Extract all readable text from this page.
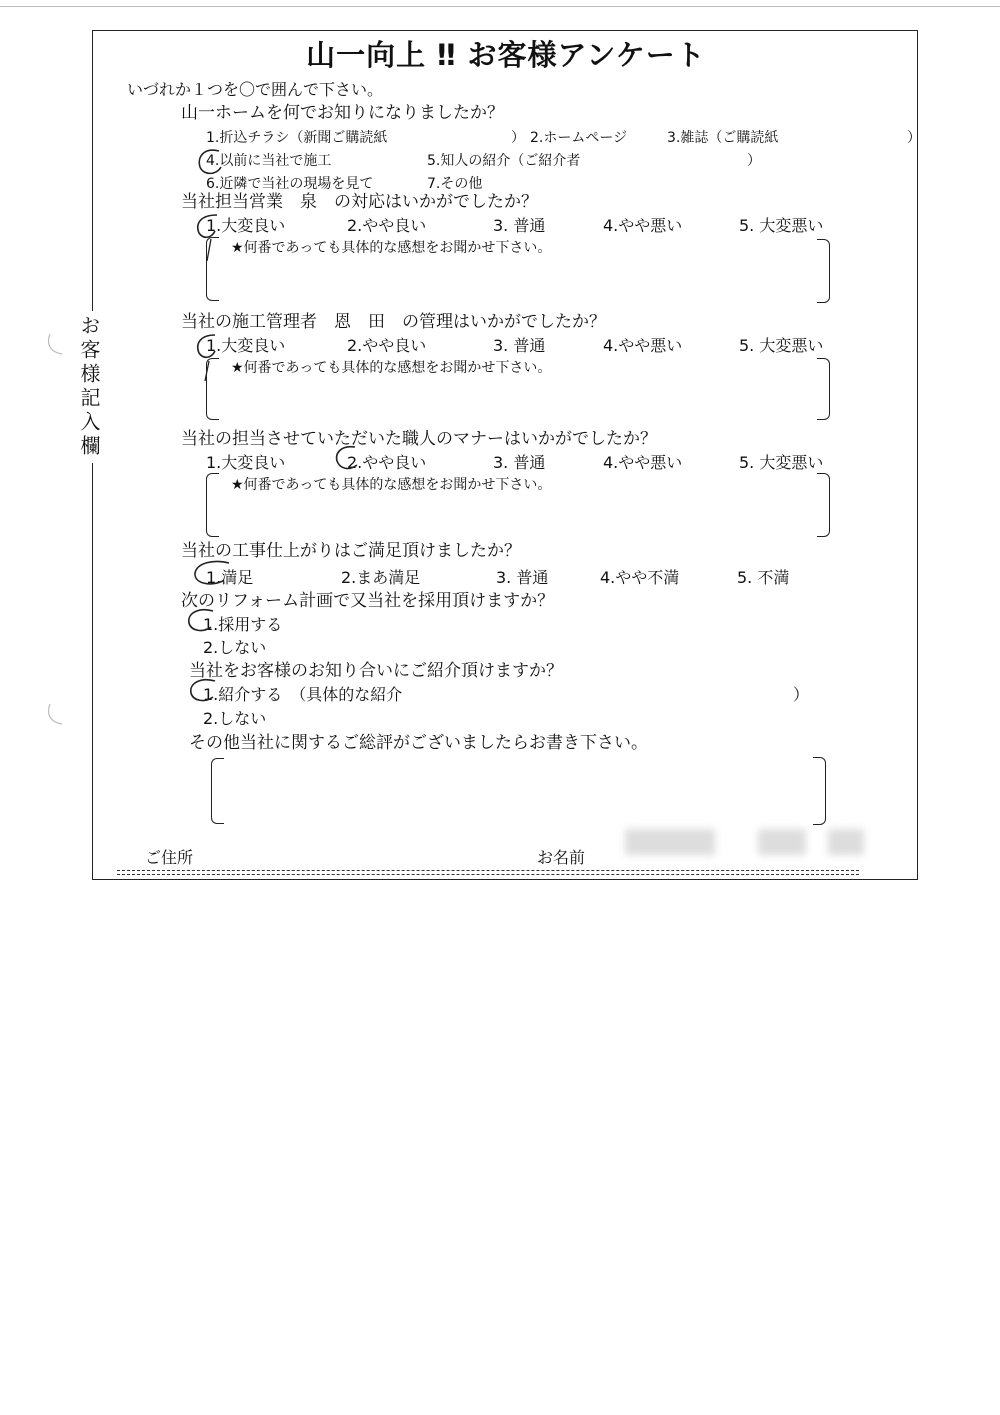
山一向上 ‼ お客様アンケート
いづれか１つを〇で囲んで下さい。
お客様記入欄
山一ホームを何でお知りになりましたか？
1.折込チラシ（新聞ご購読紙	） 2.ホームページ	3.雑誌（ご購読紙	）
4.以前に当社で施工	5.知人の紹介（ご紹介者	）
6.近隣で当社の現場を見て	7.その他
当社担当営業　泉　の対応はいかがでしたか？
1.大変良い	2.やや良い	3. 普通	4.やや悪い	5. 大変悪い
★何番であっても具体的な感想をお聞かせ下さい。
当社の施工管理者　恩　田　の管理はいかがでしたか？
1.大変良い	2.やや良い	3. 普通	4.やや悪い	5. 大変悪い
★何番であっても具体的な感想をお聞かせ下さい。
当社の担当させていただいた職人のマナーはいかがでしたか？
1.大変良い	2.やや良い	3. 普通	4.やや悪い	5. 大変悪い
★何番であっても具体的な感想をお聞かせ下さい。
当社の工事仕上がりはご満足頂けましたか？
1.満足	2.まあ満足	3. 普通	4.やや不満	5. 不満
次のリフォーム計画で又当社を採用頂けますか？
1.採用する
2.しない
当社をお客様のお知り合いにご紹介頂けますか？
1.紹介する　（具体的な紹介	）
2.しない
その他当社に関するご総評がございましたらお書き下さい。
ご住所	お名前
